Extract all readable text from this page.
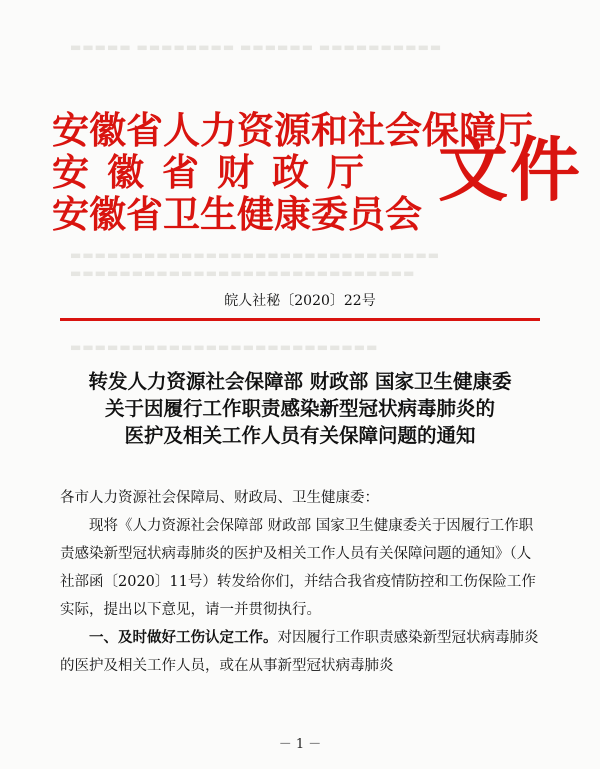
▬▬▬▬▬ ▬▬▬▬▬▬▬▬ ▬▬▬▬▬▬ ▬▬▬▬▬▬▬▬▬▬
▬▬▬▬▬▬▬▬▬▬▬▬▬▬▬▬▬▬▬▬▬▬▬▬▬▬▬▬▬▬
▬▬▬▬▬▬▬▬▬▬▬▬▬▬▬▬▬▬▬▬▬▬▬▬▬▬▬▬
▬▬▬▬▬▬▬▬▬▬▬▬▬▬▬▬▬▬▬▬▬▬▬▬▬
安徽省人力资源和社会保障厅
安徽省财政厅
安徽省卫生健康委员会
文件
皖人社秘〔2020〕22号
转发人力资源社会保障部 财政部 国家卫生健康委
关于因履行工作职责感染新型冠状病毒肺炎的
医护及相关工作人员有关保障问题的通知

各市人力资源社会保障局、财政局、卫生健康委：

现将《人力资源社会保障部 财政部 国家卫生健康委关于因履行工作职责感染新型冠状病毒肺炎的医护及相关工作人员有关保障问题的通知》（人社部函〔2020〕11号）转发给你们，并结合我省疫情防控和工伤保险工作实际，提出以下意见，请一并贯彻执行。

一、及时做好工伤认定工作。对因履行工作职责感染新型冠状病毒肺炎的医护及相关工作人员，或在从事新型冠状病毒肺炎

－ 1 －
